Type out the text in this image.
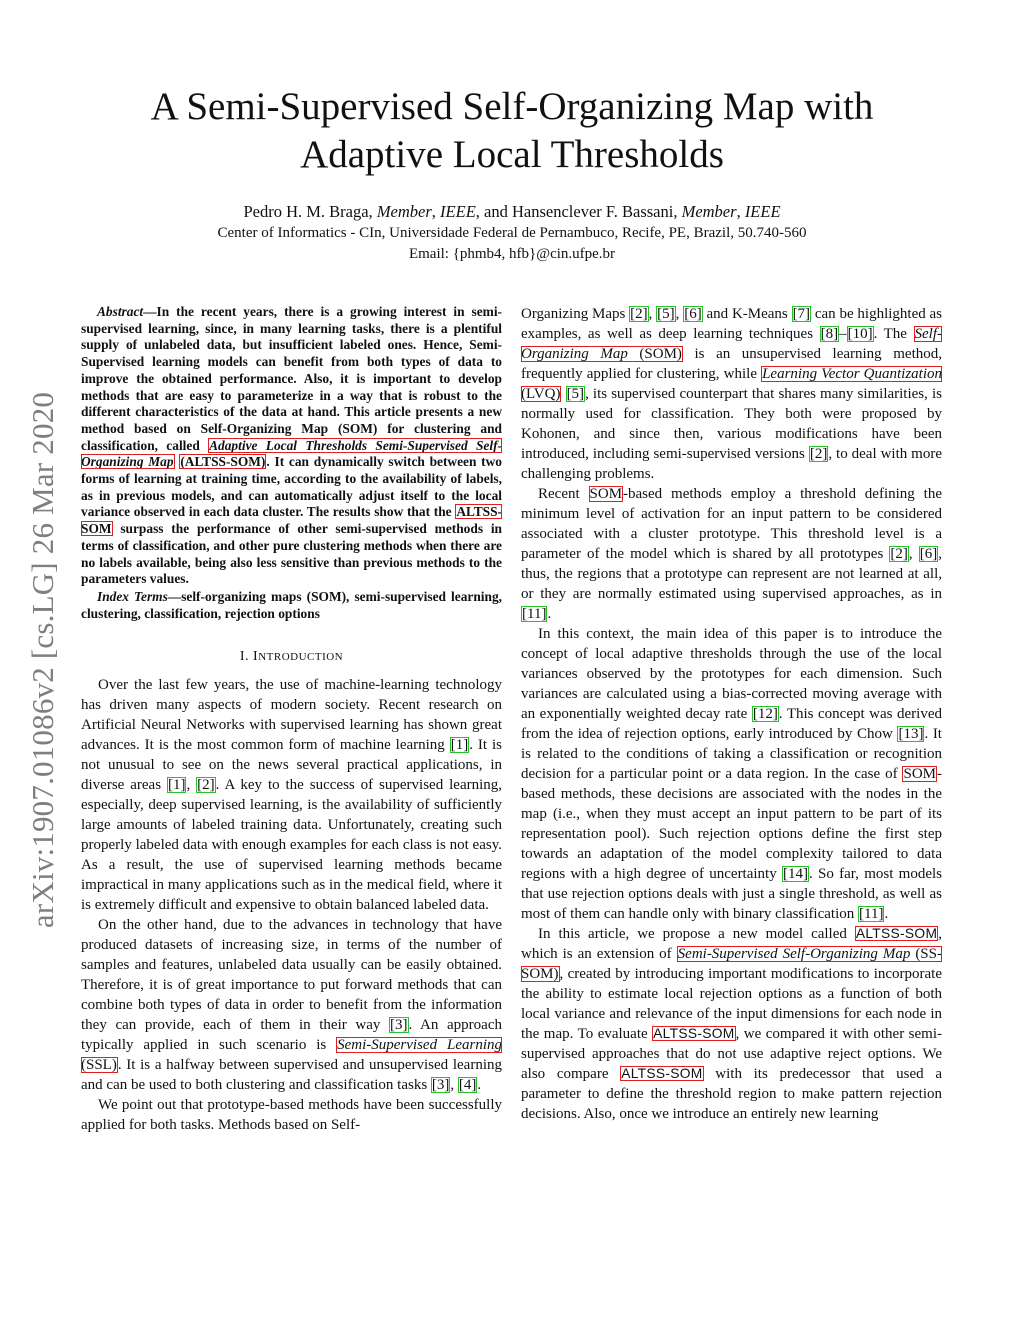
arXiv:1907.01086v2 [cs.LG] 26 Mar 2020
A Semi-Supervised Self-Organizing Map with
Adaptive Local Thresholds
Pedro H. M. Braga, Member, IEEE, and Hansenclever F. Bassani, Member, IEEE
Center of Informatics - CIn, Universidade Federal de Pernambuco, Recife, PE, Brazil, 50.740-560
Email: {phmb4, hfb}@cin.ufpe.br

Abstract—In the recent years, there is a growing interest in semi-supervised learning, since, in many learning tasks, there is a plentiful supply of unlabeled data, but insufficient labeled ones. Hence, Semi-Supervised learning models can benefit from both types of data to improve the obtained performance. Also, it is important to develop methods that are easy to parameterize in a way that is robust to the different characteristics of the data at hand. This article presents a new method based on Self-Organizing Map (SOM) for clustering and classification, called Adaptive Local Thresholds Semi-Supervised Self-Organizing Map (ALTSS-SOM). It can dynamically switch between two forms of learning at training time, according to the availability of labels, as in previous models, and can automatically adjust itself to the local variance observed in each data cluster. The results show that the ALTSS-SOM surpass the performance of other semi-supervised methods in terms of classification, and other pure clustering methods when there are no labels available, being also less sensitive than previous methods to the parameters values.

Index Terms—self-organizing maps (SOM), semi-supervised learning, clustering, classification, rejection options

I. INTRODUCTION

Over the last few years, the use of machine-learning technology has driven many aspects of modern society. Recent research on Artificial Neural Networks with supervised learning has shown great advances. It is the most common form of machine learning [1]. It is not unusual to see on the news several practical applications, in diverse areas [1], [2]. A key to the success of supervised learning, especially, deep supervised learning, is the availability of sufficiently large amounts of labeled training data. Unfortunately, creating such properly labeled data with enough examples for each class is not easy. As a result, the use of supervised learning methods became impractical in many applications such as in the medical field, where it is extremely difficult and expensive to obtain balanced labeled data.

On the other hand, due to the advances in technology that have produced datasets of increasing size, in terms of the number of samples and features, unlabeled data usually can be easily obtained. Therefore, it is of great importance to put forward methods that can combine both types of data in order to benefit from the information they can provide, each of them in their way [3]. An approach typically applied in such scenario is Semi-Supervised Learning (SSL). It is a halfway between supervised and unsupervised learning and can be used to both clustering and classification tasks [3], [4].

We point out that prototype-based methods have been successfully applied for both tasks. Methods based on Self-

Organizing Maps [2], [5], [6] and K-Means [7] can be highlighted as examples, as well as deep learning techniques [8]–[10]. The Self-Organizing Map (SOM) is an unsupervised learning method, frequently applied for clustering, while Learning Vector Quantization (LVQ) [5], its supervised counterpart that shares many similarities, is normally used for classification. They both were proposed by Kohonen, and since then, various modifications have been introduced, including semi-supervised versions [2], to deal with more challenging problems.

Recent SOM-based methods employ a threshold defining the minimum level of activation for an input pattern to be considered associated with a cluster prototype. This threshold level is a parameter of the model which is shared by all prototypes [2], [6], thus, the regions that a prototype can represent are not learned at all, or they are normally estimated using supervised approaches, as in [11].

In this context, the main idea of this paper is to introduce the concept of local adaptive thresholds through the use of the local variances observed by the prototypes for each dimension. Such variances are calculated using a bias-corrected moving average with an exponentially weighted decay rate [12]. This concept was derived from the idea of rejection options, early introduced by Chow [13]. It is related to the conditions of taking a classification or recognition decision for a particular point or a data region. In the case of SOM-based methods, these decisions are associated with the nodes in the map (i.e., when they must accept an input pattern to be part of its representation pool). Such rejection options define the first step towards an adaptation of the model complexity tailored to data regions with a high degree of uncertainty [14]. So far, most models that use rejection options deals with just a single threshold, as well as most of them can handle only with binary classification [11].

In this article, we propose a new model called ALTSS-SOM, which is an extension of Semi-Supervised Self-Organizing Map (SS-SOM), created by introducing important modifications to incorporate the ability to estimate local rejection options as a function of both local variance and relevance of the input dimensions for each node in the map. To evaluate ALTSS-SOM, we compared it with other semi-supervised approaches that do not use adaptive reject options. We also compare ALTSS-SOM with its predecessor that used a parameter to define the threshold region to make pattern rejection decisions. Also, once we introduce an entirely new learning
